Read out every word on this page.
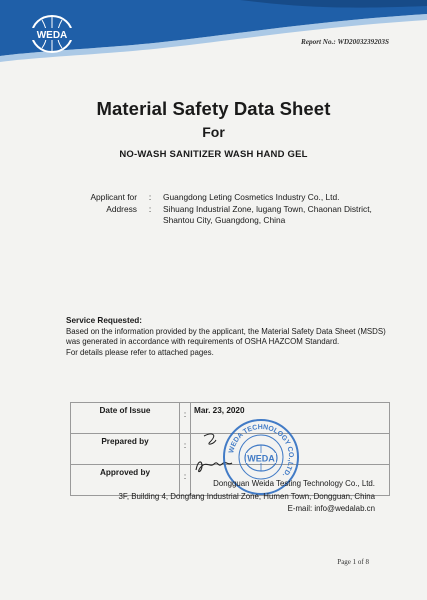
WEDA
Report No.: WD2003239203S
Material Safety Data Sheet
For
NO-WASH SANITIZER WASH HAND GEL
Applicant for	:	Guangdong Leting Cosmetics Industry Co., Ltd.
Address	:	Sihuang Industrial Zone, lugang Town, Chaonan District,
Shantou City, Guangdong, China
Service Requested:
Based on the information provided by the applicant, the Material Safety Data Sheet (MSDS)
was generated in accordance with requirements of OSHA HAZCOM Standard.
For details please refer to attached pages.
Date of Issue	:	Mar. 23, 2020
Prepared by	:	
Approved by	:	
WEDA TECHNOLOGY CO.,LTD.
WEDA
Dongguan Weida Testing Technology Co., Ltd.
3F, Building 4, Dongfang Industrial Zone, Humen Town, Dongguan, China
E-mail: info@wedalab.cn
Page 1 of 8
